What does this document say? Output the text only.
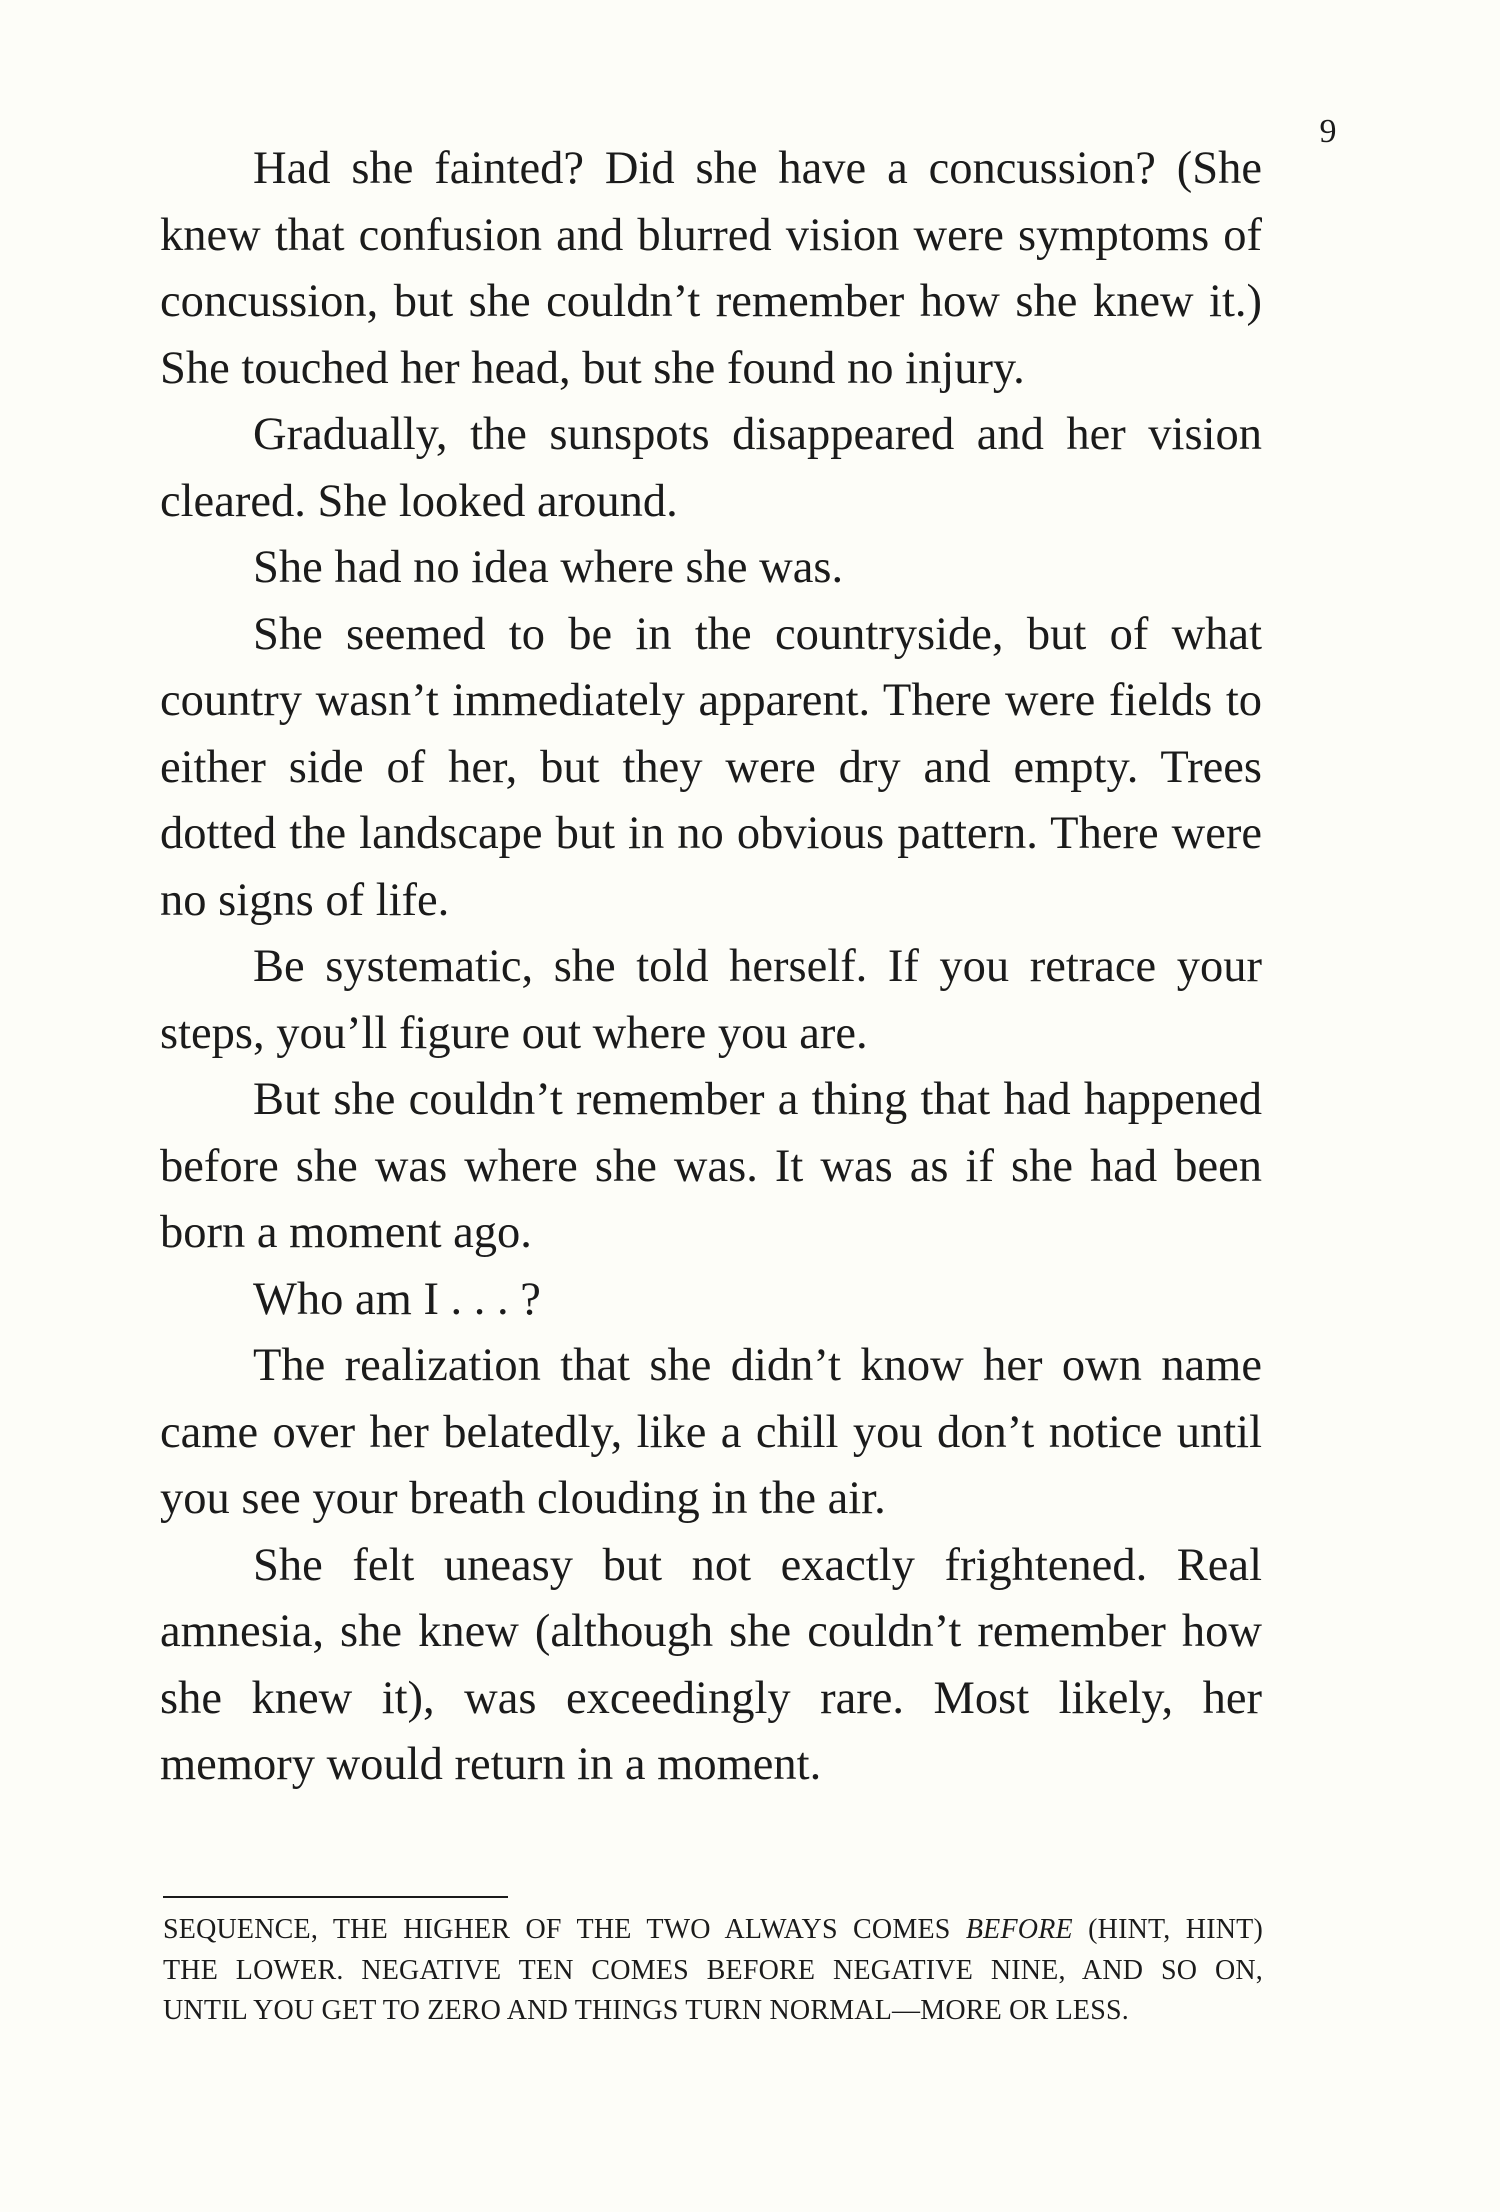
9

Had she fainted? Did she have a concussion? (She knew that confusion and blurred vision were symptoms of concussion, but she couldn’t remember how she knew it.) She touched her head, but she found no injury.

Gradually, the sunspots disappeared and her vision cleared. She looked around.

She had no idea where she was.

She seemed to be in the countryside, but of what country wasn’t immediately apparent. There were fields to either side of her, but they were dry and empty. Trees dotted the landscape but in no obvious pattern. There were no signs of life.

Be systematic, she told herself. If you retrace your steps, you’ll figure out where you are.

But she couldn’t remember a thing that had happened before she was where she was. It was as if she had been born a moment ago.

Who am I . . . ?

The realization that she didn’t know her own name came over her belatedly, like a chill you don’t notice until you see your breath clouding in the air.

She felt uneasy but not exactly frightened. Real amnesia, she knew (although she couldn’t remember how she knew it), was exceedingly rare. Most likely, her memory would return in a moment.

SEQUENCE, THE HIGHER OF THE TWO ALWAYS COMES BEFORE (HINT, HINT)

THE LOWER. NEGATIVE TEN COMES BEFORE NEGATIVE NINE, AND SO ON,

UNTIL YOU GET TO ZERO AND THINGS TURN NORMAL—MORE OR LESS.
